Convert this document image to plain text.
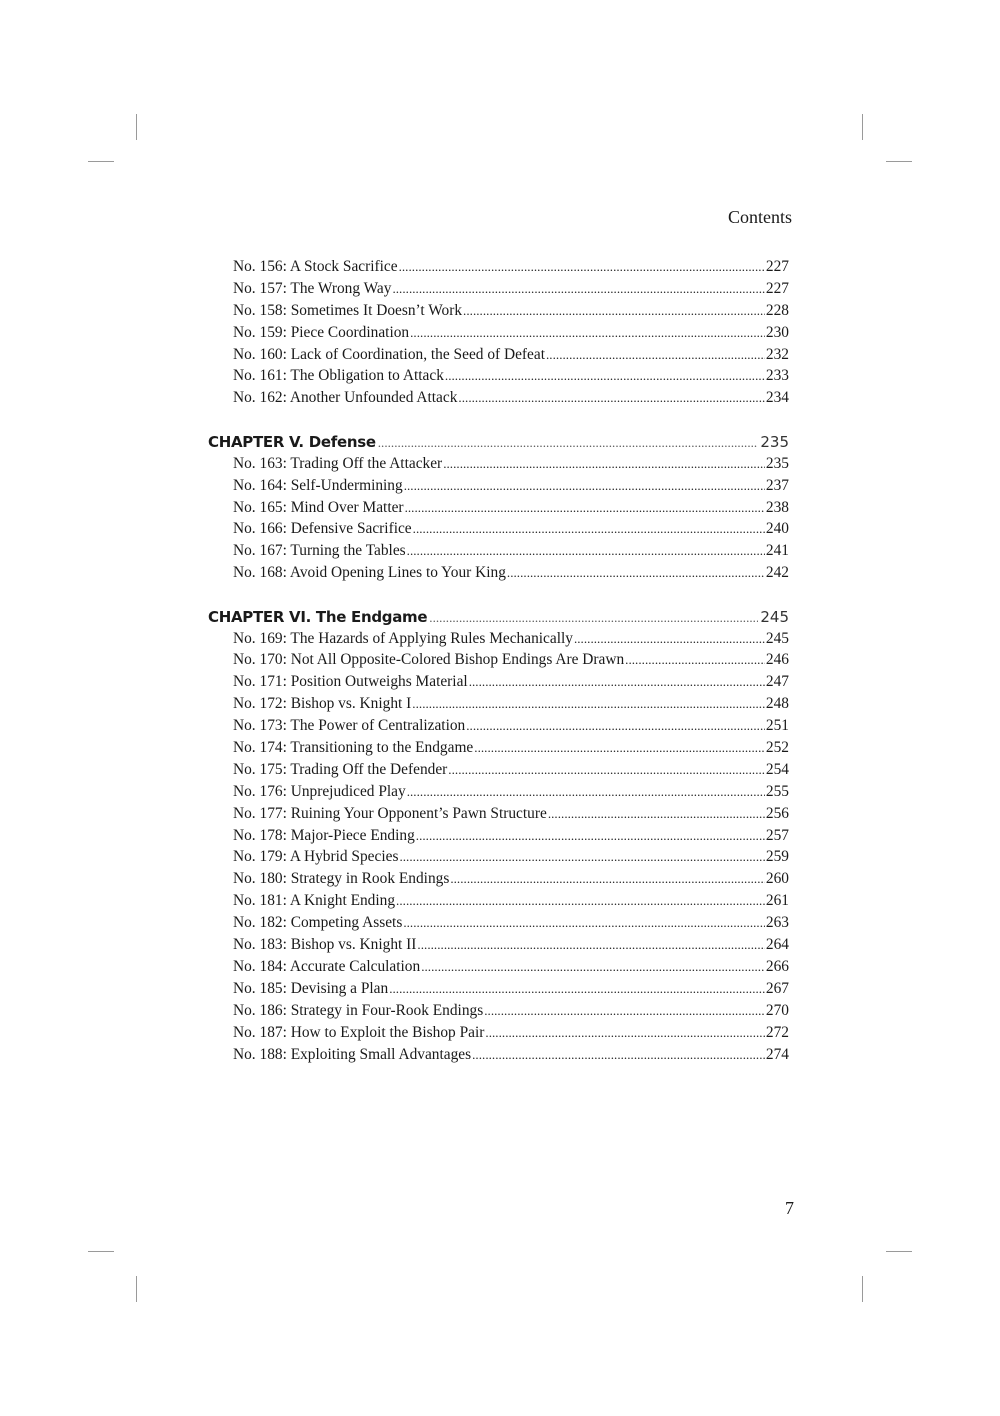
Contents
No. 156: A Stock Sacrifice . . .	227
No. 157: The Wrong Way . . .	227
No. 158: Sometimes It Doesn’t Work . . .	228
No. 159: Piece Coordination . . .	230
No. 160: Lack of Coordination, the Seed of Defeat . . .	232
No. 161: The Obligation to Attack . . .	233
No. 162: Another Unfounded Attack . . .	234
CHAPTER V. Defense . . .	235
No. 163: Trading Off the Attacker . . .	235
No. 164: Self-Undermining . . .	237
No. 165: Mind Over Matter . . .	238
No. 166: Defensive Sacrifice . . .	240
No. 167: Turning the Tables . . .	241
No. 168: Avoid Opening Lines to Your King . . .	242
CHAPTER VI. The Endgame . . .	245
No. 169: The Hazards of Applying Rules Mechanically . . .	245
No. 170: Not All Opposite-Colored Bishop Endings Are Drawn . . .	246
No. 171: Position Outweighs Material . . .	247
No. 172: Bishop vs. Knight I . . .	248
No. 173: The Power of Centralization . . .	251
No. 174: Transitioning to the Endgame . . .	252
No. 175: Trading Off the Defender . . .	254
No. 176: Unprejudiced Play . . .	255
No. 177: Ruining Your Opponent’s Pawn Structure . . .	256
No. 178: Major-Piece Ending . . .	257
No. 179: A Hybrid Species . . .	259
No. 180: Strategy in Rook Endings . . .	260
No. 181: A Knight Ending . . .	261
No. 182: Competing Assets . . .	263
No. 183: Bishop vs. Knight II . . .	264
No. 184: Accurate Calculation . . .	266
No. 185: Devising a Plan . . .	267
No. 186: Strategy in Four-Rook Endings . . .	270
No. 187: How to Exploit the Bishop Pair . . .	272
No. 188: Exploiting Small Advantages . . .	274
7
